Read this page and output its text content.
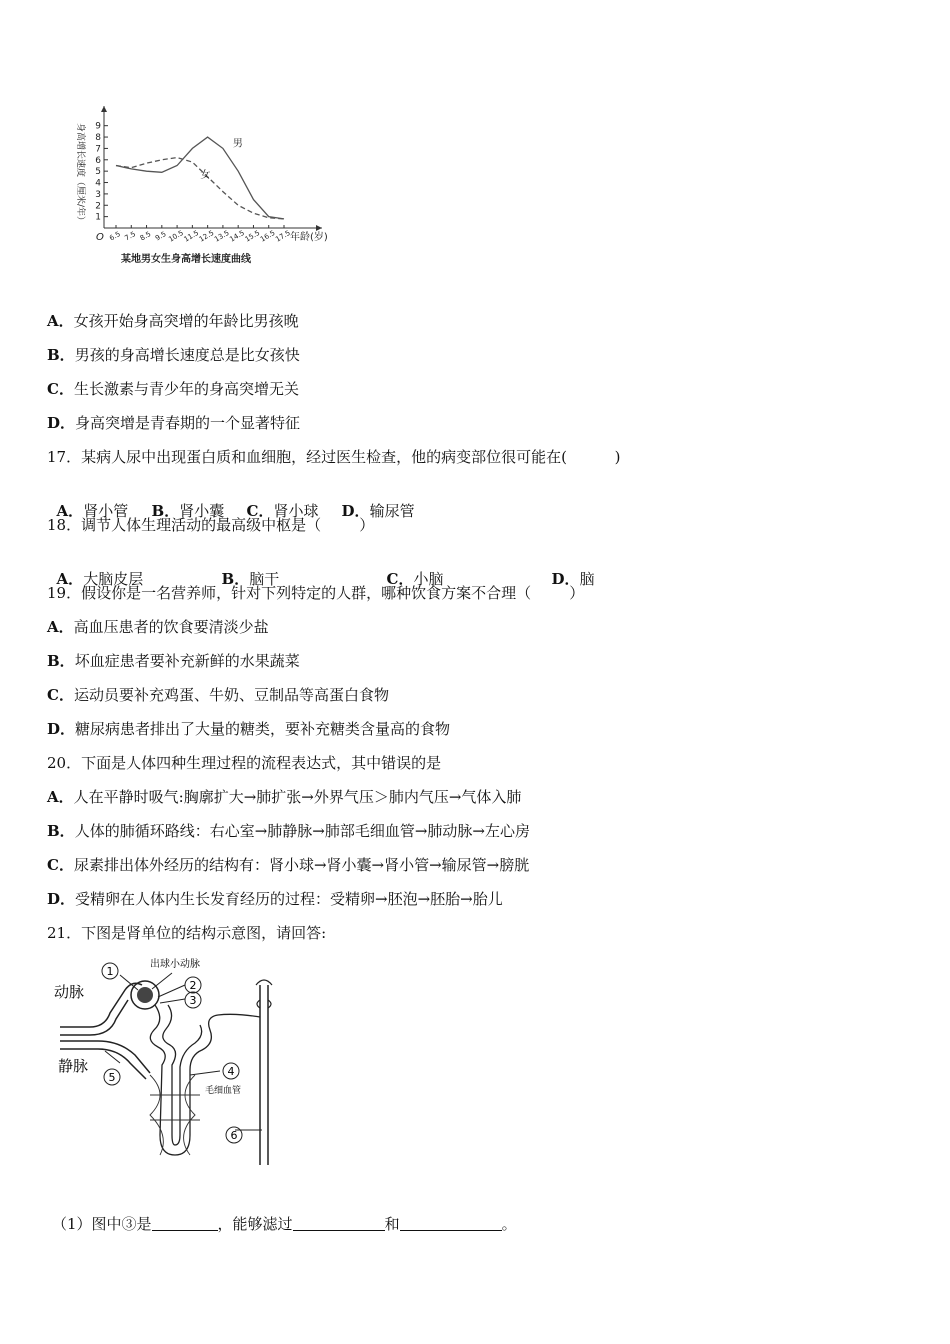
1
2
3
4
5
6
7
8
9
6.5 7.5 8.5 9.5 10.5
11.5
12.5
13.5
14.5
15.5
16.5
17.5
男
女
O	年龄(岁)
身高增长速度（厘米/年）
某地男女生身高增长速度曲线
A．女孩开始身高突增的年龄比男孩晚
B．男孩的身高增长速度总是比女孩快
C．生长激素与青少年的身高突增无关
D．身高突增是青春期的一个显著特征
17．某病人尿中出现蛋白质和血细胞，经过医生检查，他的病变部位很可能在(          )

A．肾小管 B．肾小囊 C．肾小球 D．输尿管

18．调节人体生理活动的最高级中枢是（        ）

A．大脑皮层	B．脑干	C．小脑	D．脑

19．假设你是一名营养师，针对下列特定的人群，哪种饮食方案不合理（        ）
A．高血压患者的饮食要清淡少盐
B．坏血症患者要补充新鲜的水果蔬菜
C．运动员要补充鸡蛋、牛奶、豆制品等高蛋白食物
D．糖尿病患者排出了大量的糖类，要补充糖类含量高的食物
20．下面是人体四种生理过程的流程表达式，其中错误的是
A．人在平静时吸气:胸廓扩大→肺扩张→外界气压＞肺内气压→气体入肺
B．人体的肺循环路线：右心室→肺静脉→肺部毛细血管→肺动脉→左心房
C．尿素排出体外经历的结构有：肾小球→肾小囊→肾小管→输尿管→膀胱
D．受精卵在人体内生长发育经历的过程：受精卵→胚泡→胚胎→胎儿
21．下图是肾单位的结构示意图，请回答:
1
2
3
4
5
6
动脉
静脉
出球小动脉
毛细血管
（1）图中③是	，能够滤过	和	。
